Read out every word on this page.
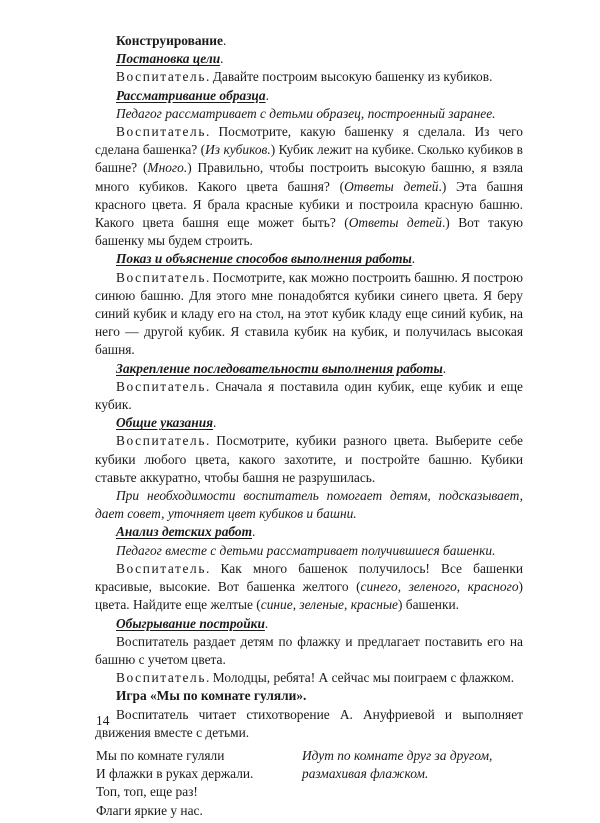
Конструирование.

Постановка цели.

Воспитатель. Давайте построим высокую башенку из кубиков.

Рассматривание образца.

Педагог рассматривает с детьми образец, построенный заранее.

Воспитатель. Посмотрите, какую башенку я сделала. Из чего сделана башенка? (Из кубиков.) Кубик лежит на кубике. Сколько кубиков в башне? (Много.) Правильно, чтобы построить высокую башню, я взяла много кубиков. Какого цвета башня? (Ответы детей.) Эта башня красного цвета. Я брала красные кубики и построила красную башню. Какого цвета башня еще может быть? (Ответы детей.) Вот такую башенку мы будем строить.

Показ и объяснение способов выполнения работы.

Воспитатель. Посмотрите, как можно построить башню. Я построю синюю башню. Для этого мне понадобятся кубики синего цвета. Я беру синий кубик и кладу его на стол, на этот кубик кладу еще синий кубик, на него — другой кубик. Я ставила кубик на кубик, и получилась высокая башня.

Закрепление последовательности выполнения работы.

Воспитатель. Сначала я поставила один кубик, еще кубик и еще кубик.

Общие указания.

Воспитатель. Посмотрите, кубики разного цвета. Выберите себе кубики любого цвета, какого захотите, и постройте башню. Кубики ставьте аккуратно, чтобы башня не разрушилась.

При необходимости воспитатель помогает детям, подсказывает, дает совет, уточняет цвет кубиков и башни.

Анализ детских работ.

Педагог вместе с детьми рассматривает получившиеся башенки.

Воспитатель. Как много башенок получилось! Все башенки красивые, высокие. Вот башенка желтого (синего, зеленого, красного) цвета. Найдите еще желтые (синие, зеленые, красные) башенки.

Обыгрывание постройки.

Воспитатель раздает детям по флажку и предлагает поставить его на башню с учетом цвета.

Воспитатель. Молодцы, ребята! А сейчас мы поиграем с флажком.

Игра «Мы по комнате гуляли».

Воспитатель читает стихотворение А. Ануфриевой и выполняет движения вместе с детьми.

Мы по комнате гуляли
И флажки в руках держали.
Топ, топ, еще раз!
Флаги яркие у нас.
Идут по комнате друг за другом,
размахивая флажком.
14
